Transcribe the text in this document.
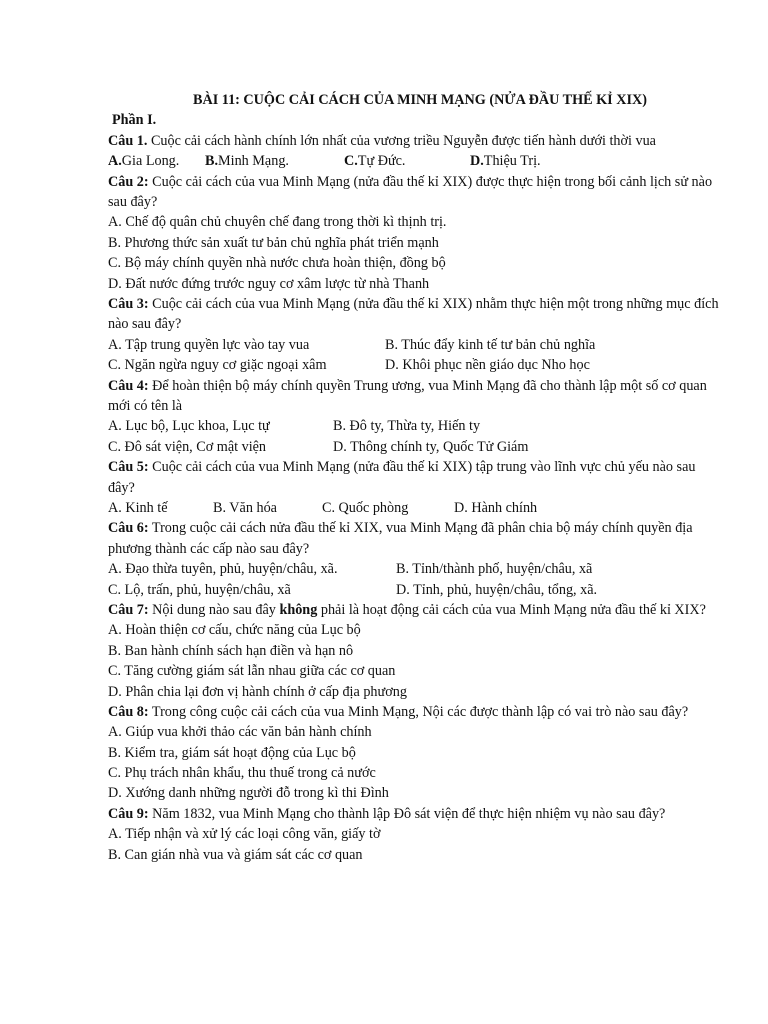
BÀI 11: CUỘC CẢI CÁCH CỦA MINH MẠNG (NỬA ĐẦU THẾ KỈ XIX)
Phần I.
Câu 1. Cuộc cải cách hành chính lớn nhất của vương triều Nguyễn được tiến hành dưới thời vua
A. Gia Long. B. Minh Mạng.	C. Tự Đức.	D. Thiệu Trị.
Câu 2: Cuộc cải cách của vua Minh Mạng (nửa đầu thế kỉ XIX) được thực hiện trong bối cảnh lịch sử nào sau đây?
A. Chế độ quân chủ chuyên chế đang trong thời kì thịnh trị.
B. Phương thức sản xuất tư bản chủ nghĩa phát triển mạnh
C. Bộ máy chính quyền nhà nước chưa hoàn thiện, đồng bộ
D. Đất nước đứng trước nguy cơ xâm lược từ nhà Thanh
Câu 3: Cuộc cải cách của vua Minh Mạng (nửa đầu thế kỉ XIX) nhằm thực hiện một trong những mục đích nào sau đây?
A. Tập trung quyền lực vào tay vua	B. Thúc đẩy kinh tế tư bản chủ nghĩa
C. Ngăn ngừa nguy cơ giặc ngoại xâm	D. Khôi phục nền giáo dục Nho học
Câu 4: Để hoàn thiện bộ máy chính quyền Trung ương, vua Minh Mạng đã cho thành lập một số cơ quan mới có tên là
A. Lục bộ, Lục khoa, Lục tự	B. Đô ty, Thừa ty, Hiến ty
C. Đô sát viện, Cơ mật viện	D. Thông chính ty, Quốc Tử Giám
Câu 5: Cuộc cải cách của vua Minh Mạng (nửa đầu thế kỉ XIX) tập trung vào lĩnh vực chủ yếu nào sau đây?
A. Kinh tế	B. Văn hóa	C. Quốc phòng	D. Hành chính
Câu 6: Trong cuộc cải cách nửa đầu thế kỉ XIX, vua Minh Mạng đã phân chia bộ máy chính quyền địa phương thành các cấp nào sau đây?
A. Đạo thừa tuyên, phủ, huyện/châu, xã.	B. Tỉnh/thành phố, huyện/châu, xã
C. Lộ, trấn, phủ, huyện/châu, xã	D. Tỉnh, phủ, huyện/châu, tổng, xã.
Câu 7: Nội dung nào sau đây không phải là hoạt động cải cách của vua Minh Mạng nửa đầu thế kỉ XIX?
A. Hoàn thiện cơ cấu, chức năng của Lục bộ
B. Ban hành chính sách hạn điền và hạn nô
C. Tăng cường giám sát lẫn nhau giữa các cơ quan
D. Phân chia lại đơn vị hành chính ở cấp địa phương
Câu 8: Trong công cuộc cải cách của vua Minh Mạng, Nội các được thành lập có vai trò nào sau đây?
A. Giúp vua khởi thảo các văn bản hành chính
B. Kiểm tra, giám sát hoạt động của Lục bộ
C. Phụ trách nhân khẩu, thu thuế trong cả nước
D. Xướng danh những người đỗ trong kì thi Đình
Câu 9: Năm 1832, vua Minh Mạng cho thành lập Đô sát viện để thực hiện nhiệm vụ nào sau đây?
A. Tiếp nhận và xử lý các loại công văn, giấy tờ
B. Can gián nhà vua và giám sát các cơ quan
